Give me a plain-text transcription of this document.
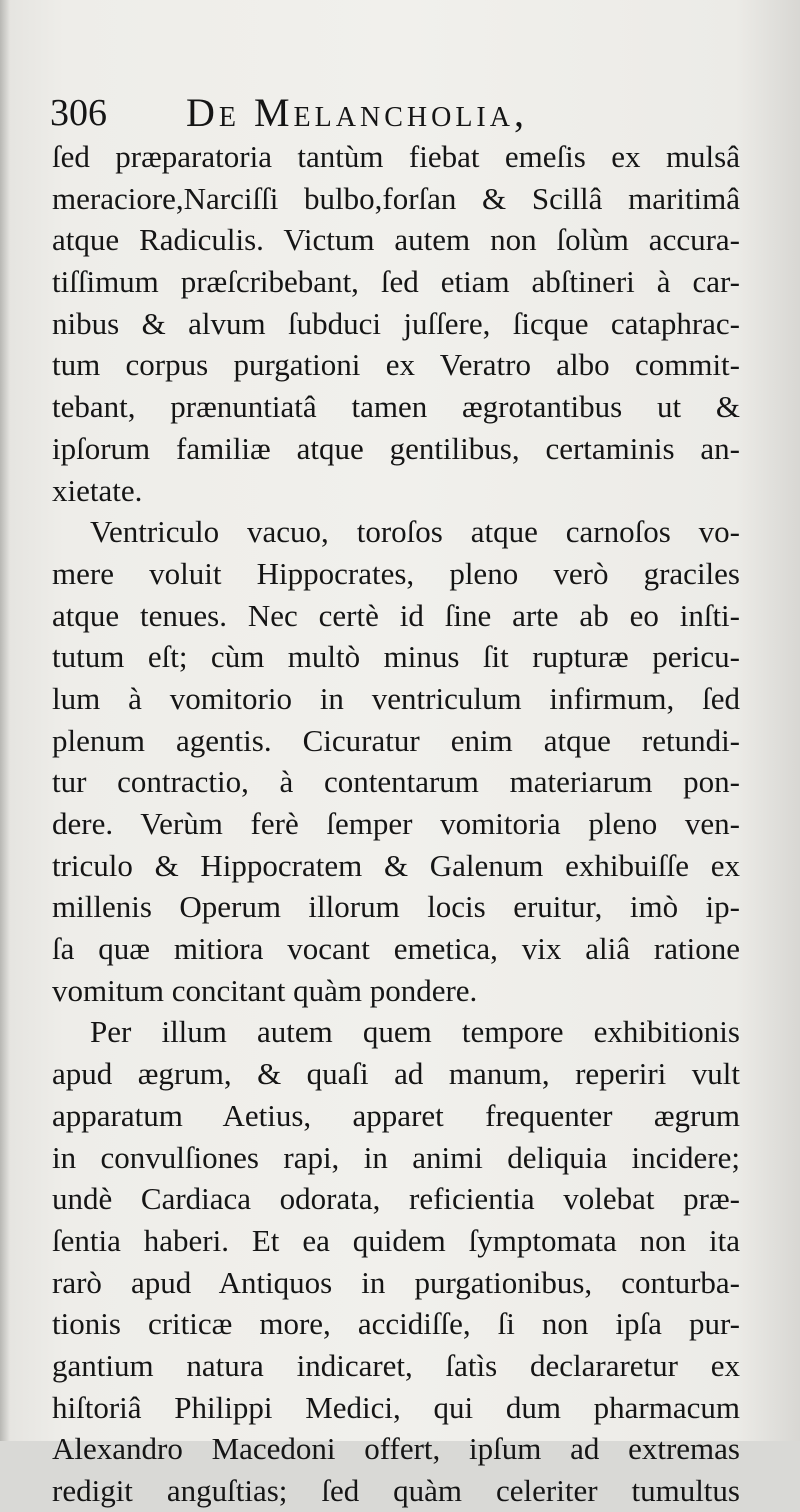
306 De Melancholia,
ſed præparatoria tantùm fiebat emeſis ex mulsâ
meraciore,Narciſſi bulbo,forſan & Scillâ maritimâ
atque Radiculis. Victum autem non ſolùm accura-
tiſſimum præſcribebant, ſed etiam abſtineri à car-
nibus & alvum ſubduci juſſere, ſicque cataphrac-
tum corpus purgationi ex Veratro albo commit-
tebant, prænuntiatâ tamen ægrotantibus ut &
ipſorum familiæ atque gentilibus, certaminis an-
xietate.
Ventriculo vacuo, toroſos atque carnoſos vo-
mere voluit Hippocrates, pleno verò graciles
atque tenues. Nec certè id ſine arte ab eo inſti-
tutum eſt; cùm multò minus ſit rupturæ pericu-
lum à vomitorio in ventriculum infirmum, ſed
plenum agentis. Cicuratur enim atque retundi-
tur contractio, à contentarum materiarum pon-
dere. Verùm ferè ſemper vomitoria pleno ven-
triculo & Hippocratem & Galenum exhibuiſſe ex
millenis Operum illorum locis eruitur, imò ip-
ſa quæ mitiora vocant emetica, vix aliâ ratione
vomitum concitant quàm pondere.
Per illum autem quem tempore exhibitionis
apud ægrum, & quaſi ad manum, reperiri vult
apparatum Aetius, apparet frequenter ægrum
in convulſiones rapi, in animi deliquia incidere;
undè Cardiaca odorata, reficientia volebat præ-
ſentia haberi. Et ea quidem ſymptomata non ita
rarò apud Antiquos in purgationibus, conturba-
tionis criticæ more, accidiſſe, ſi non ipſa pur-
gantium natura indicaret, ſatìs declararetur ex
hiſtoriâ Philippi Medici, qui dum pharmacum
Alexandro Macedoni offert, ipſum ad extremas
redigit anguſtias; ſed quàm celeriter tumultus
